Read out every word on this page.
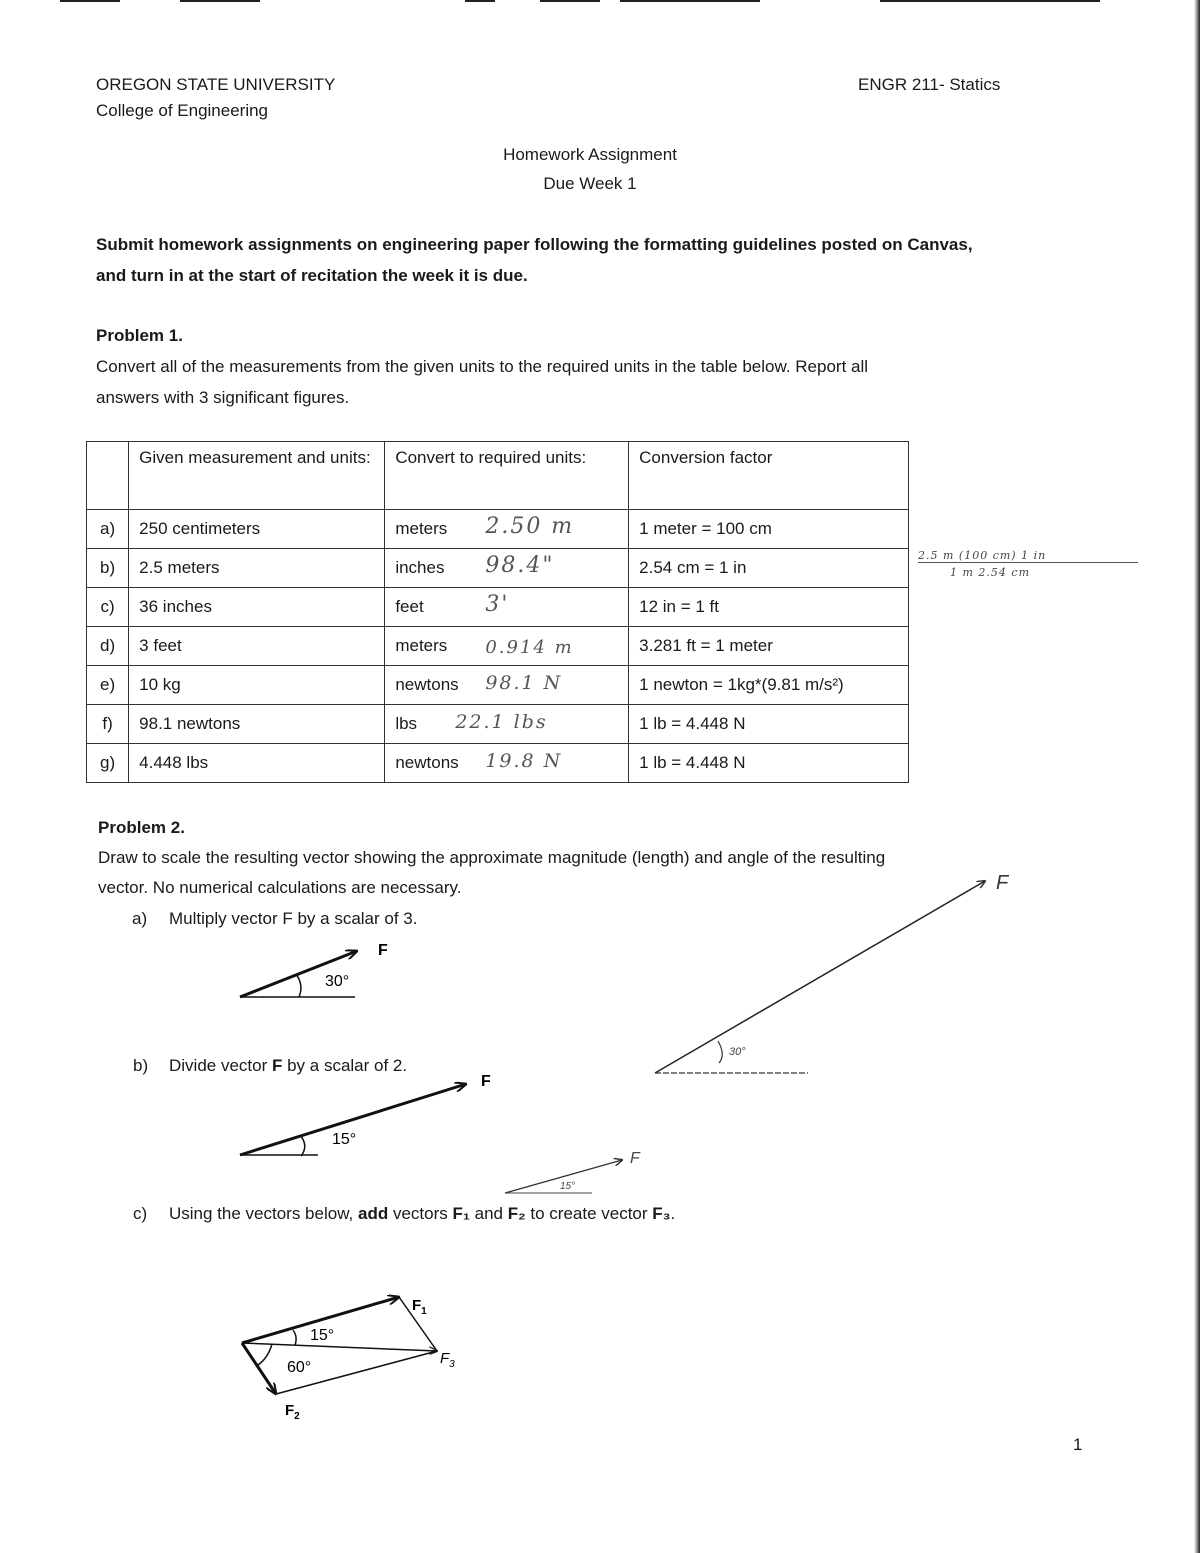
OREGON STATE UNIVERSITY
College of Engineering
ENGR 211- Statics
Homework Assignment
Due Week 1
Submit homework assignments on engineering paper following the formatting guidelines posted on Canvas,
and turn in at the start of recitation the week it is due.
Problem 1.
Convert all of the measurements from the given units to the required units in the table below. Report all
answers with 3 significant figures.
	Given measurement and units:	Convert to required units:	Conversion factor
a)	250 centimeters	meters 2.50 m	1 meter = 100 cm
b)	2.5 meters	inches 98.4"	2.54 cm = 1 in
c)	36 inches	feet 3'	12 in = 1 ft
d)	3 feet	meters 0.914 m	3.281 ft = 1 meter
e)	10 kg	newtons 98.1 N	1 newton = 1kg*(9.81 m/s²)
f)	98.1 newtons	lbs 22.1 lbs	1 lb = 4.448 N
g)	4.448 lbs	newtons 19.8 N	1 lb = 4.448 N
2.5 m (100 cm) 1 in
1 m 2.54 cm
Problem 2.
Draw to scale the resulting vector showing the approximate magnitude (length) and angle of the resulting
vector. No numerical calculations are necessary.
a) Multiply vector F by a scalar of 3.
b) Divide vector F by a scalar of 2.
c) Using the vectors below, add vectors F₁ and F₂ to create vector F₃.
F
30°
F
30°
F
15°
F
15°
15°
60°
$F_1$
$F_2$
$F_3$
1
